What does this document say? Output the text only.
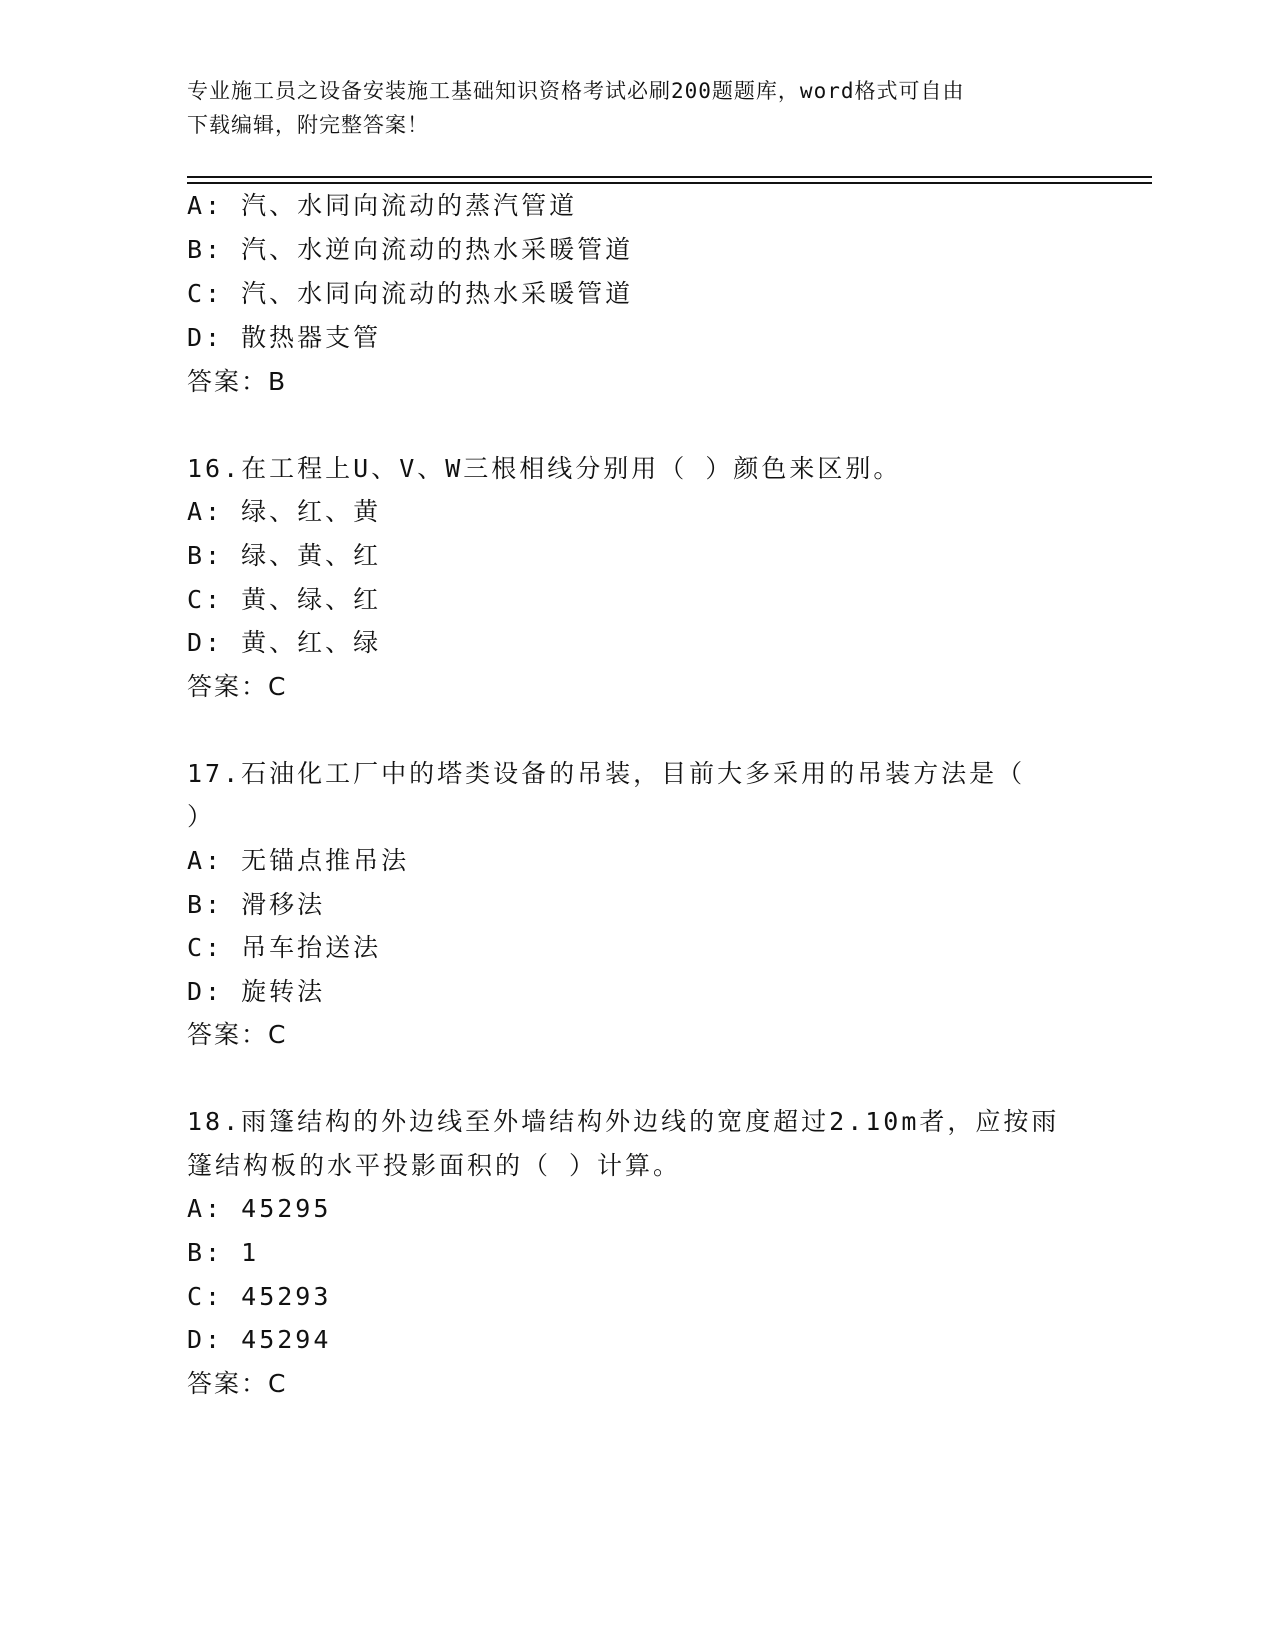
专业施工员之设备安装施工基础知识资格考试必刷200题题库，word格式可自由
下载编辑，附完整答案！
A: 汽、水同向流动的蒸汽管道
B: 汽、水逆向流动的热水采暖管道
C: 汽、水同向流动的热水采暖管道
D: 散热器支管
答案：B
16.在工程上U、V、W三根相线分别用（ ）颜色来区别。
A: 绿、红、黄
B: 绿、黄、红
C: 黄、绿、红
D: 黄、红、绿
答案：C
17.石油化工厂中的塔类设备的吊装，目前大多采用的吊装方法是（
）
A: 无锚点推吊法
B: 滑移法
C: 吊车抬送法
D: 旋转法
答案：C
18.雨篷结构的外边线至外墙结构外边线的宽度超过2.10m者，应按雨
篷结构板的水平投影面积的（ ）计算。
A: 45295
B: 1
C: 45293
D: 45294
答案：C
